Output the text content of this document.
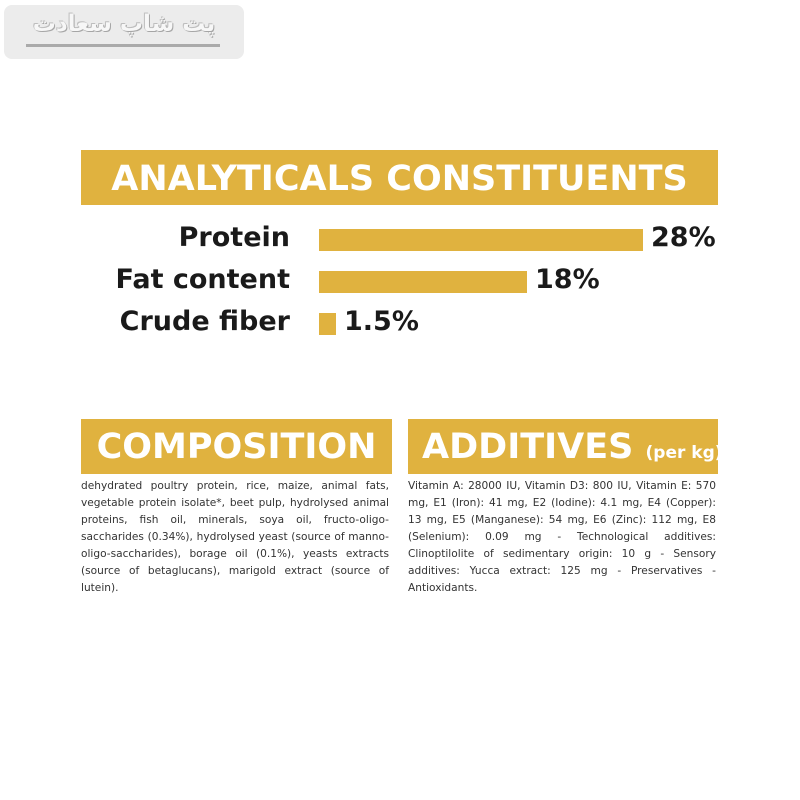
پت شاپ سعادت
ANALYTICALS CONSTITUENTS
Protein	28%
Fat content	18%
Crude fiber 1.5%
COMPOSITION	ADDITIVES (per kg)
dehydrated poultry protein, rice, maize, animal fats, vegetable protein isolate*, beet pulp, hydrolysed animal proteins, fish oil, minerals, soya oil, fructo-oligo-saccharides (0.34%), hydrolysed yeast (source of manno-oligo-saccharides), borage oil (0.1%), yeasts extracts (source of betaglucans), marigold extract (source of lutein).
Vitamin A: 28000 IU, Vitamin D3: 800 IU, Vitamin E: 570 mg, E1 (Iron): 41 mg, E2 (Iodine): 4.1 mg, E4 (Copper): 13 mg, E5 (Manganese): 54 mg, E6 (Zinc): 112 mg, E8 (Selenium): 0.09 mg - Technological additives: Clinoptilolite of sedimentary origin: 10 g - Sensory additives: Yucca extract: 125 mg - Preservatives - Antioxidants.
